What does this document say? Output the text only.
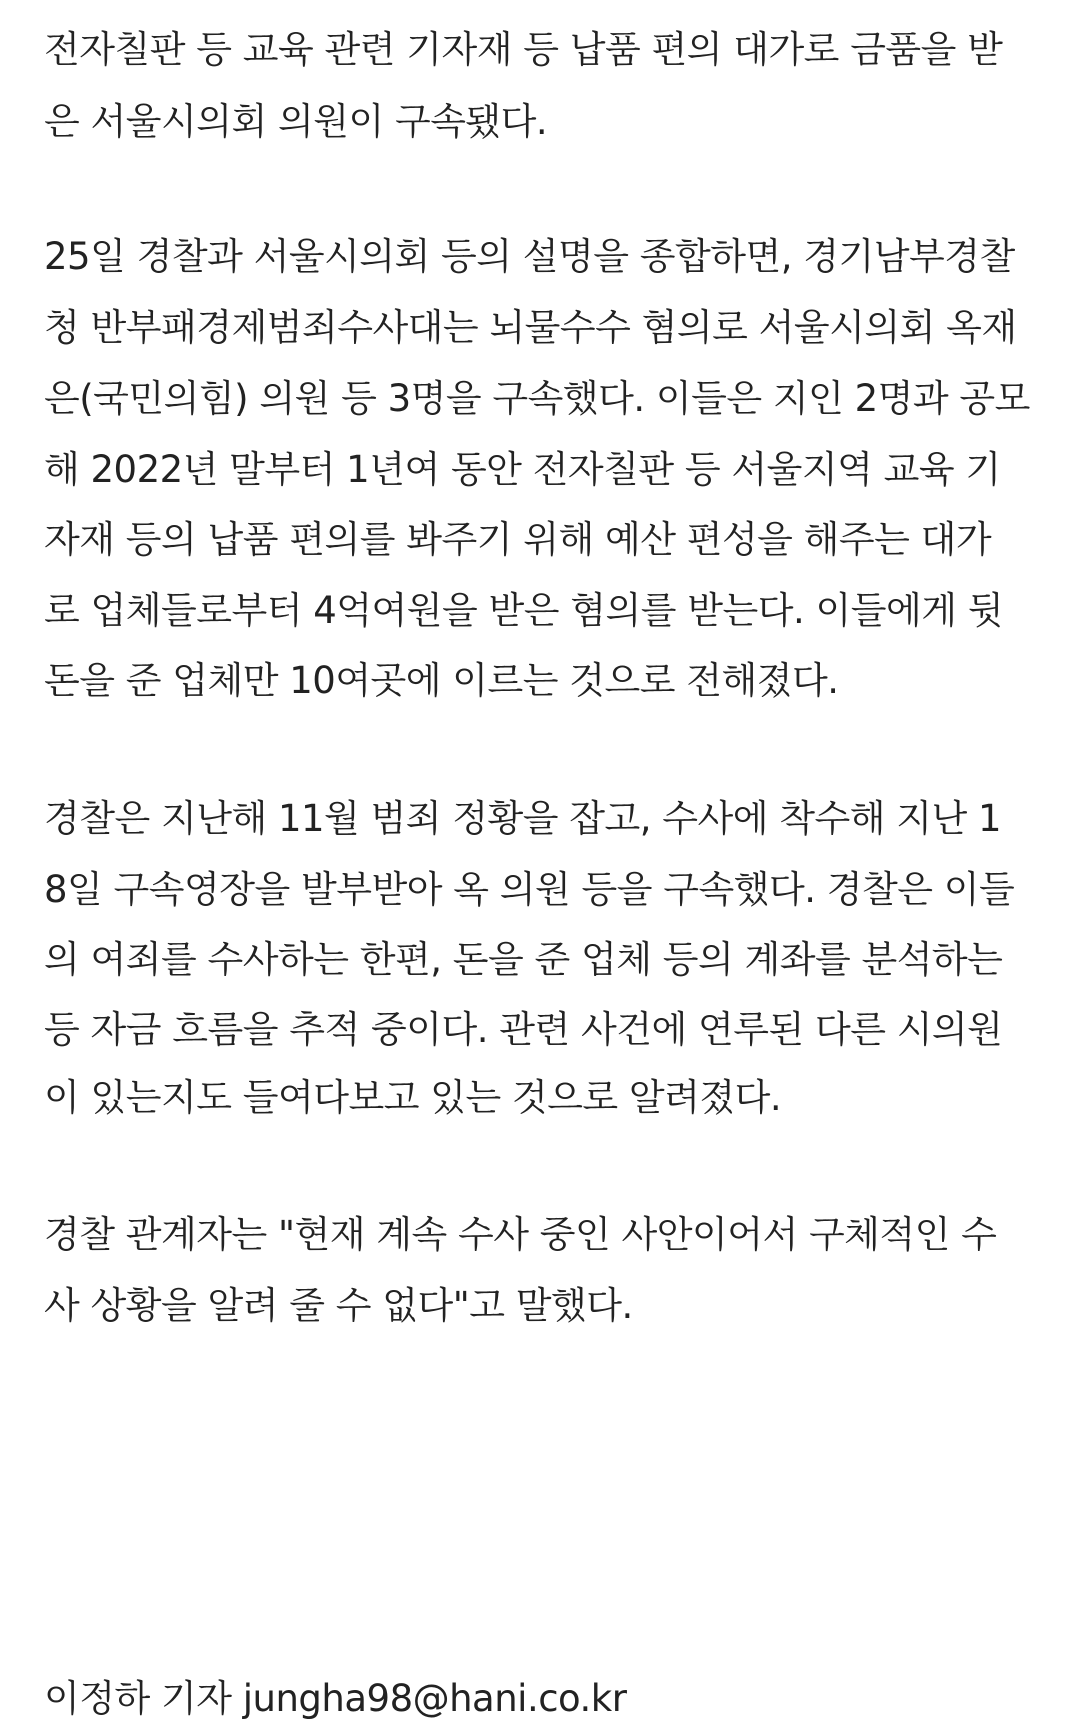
전자칠판 등 교육 관련 기자재 등 납품 편의 대가로 금품을 받
은 서울시의회 의원이 구속됐다.
25일 경찰과 서울시의회 등의 설명을 종합하면, 경기남부경찰
청 반부패경제범죄수사대는 뇌물수수 혐의로 서울시의회 옥재
은(국민의힘) 의원 등 3명을 구속했다. 이들은 지인 2명과 공모
해 2022년 말부터 1년여 동안 전자칠판 등 서울지역 교육 기
자재 등의 납품 편의를 봐주기 위해 예산 편성을 해주는 대가
로 업체들로부터 4억여원을 받은 혐의를 받는다. 이들에게 뒷
돈을 준 업체만 10여곳에 이르는 것으로 전해졌다.
경찰은 지난해 11월 범죄 정황을 잡고, 수사에 착수해 지난 1
8일 구속영장을 발부받아 옥 의원 등을 구속했다. 경찰은 이들
의 여죄를 수사하는 한편, 돈을 준 업체 등의 계좌를 분석하는
등 자금 흐름을 추적 중이다. 관련 사건에 연루된 다른 시의원
이 있는지도 들여다보고 있는 것으로 알려졌다.
경찰 관계자는 "현재 계속 수사 중인 사안이어서 구체적인 수
사 상황을 알려 줄 수 없다"고 말했다.
이정하 기자 jungha98@hani.co.kr
